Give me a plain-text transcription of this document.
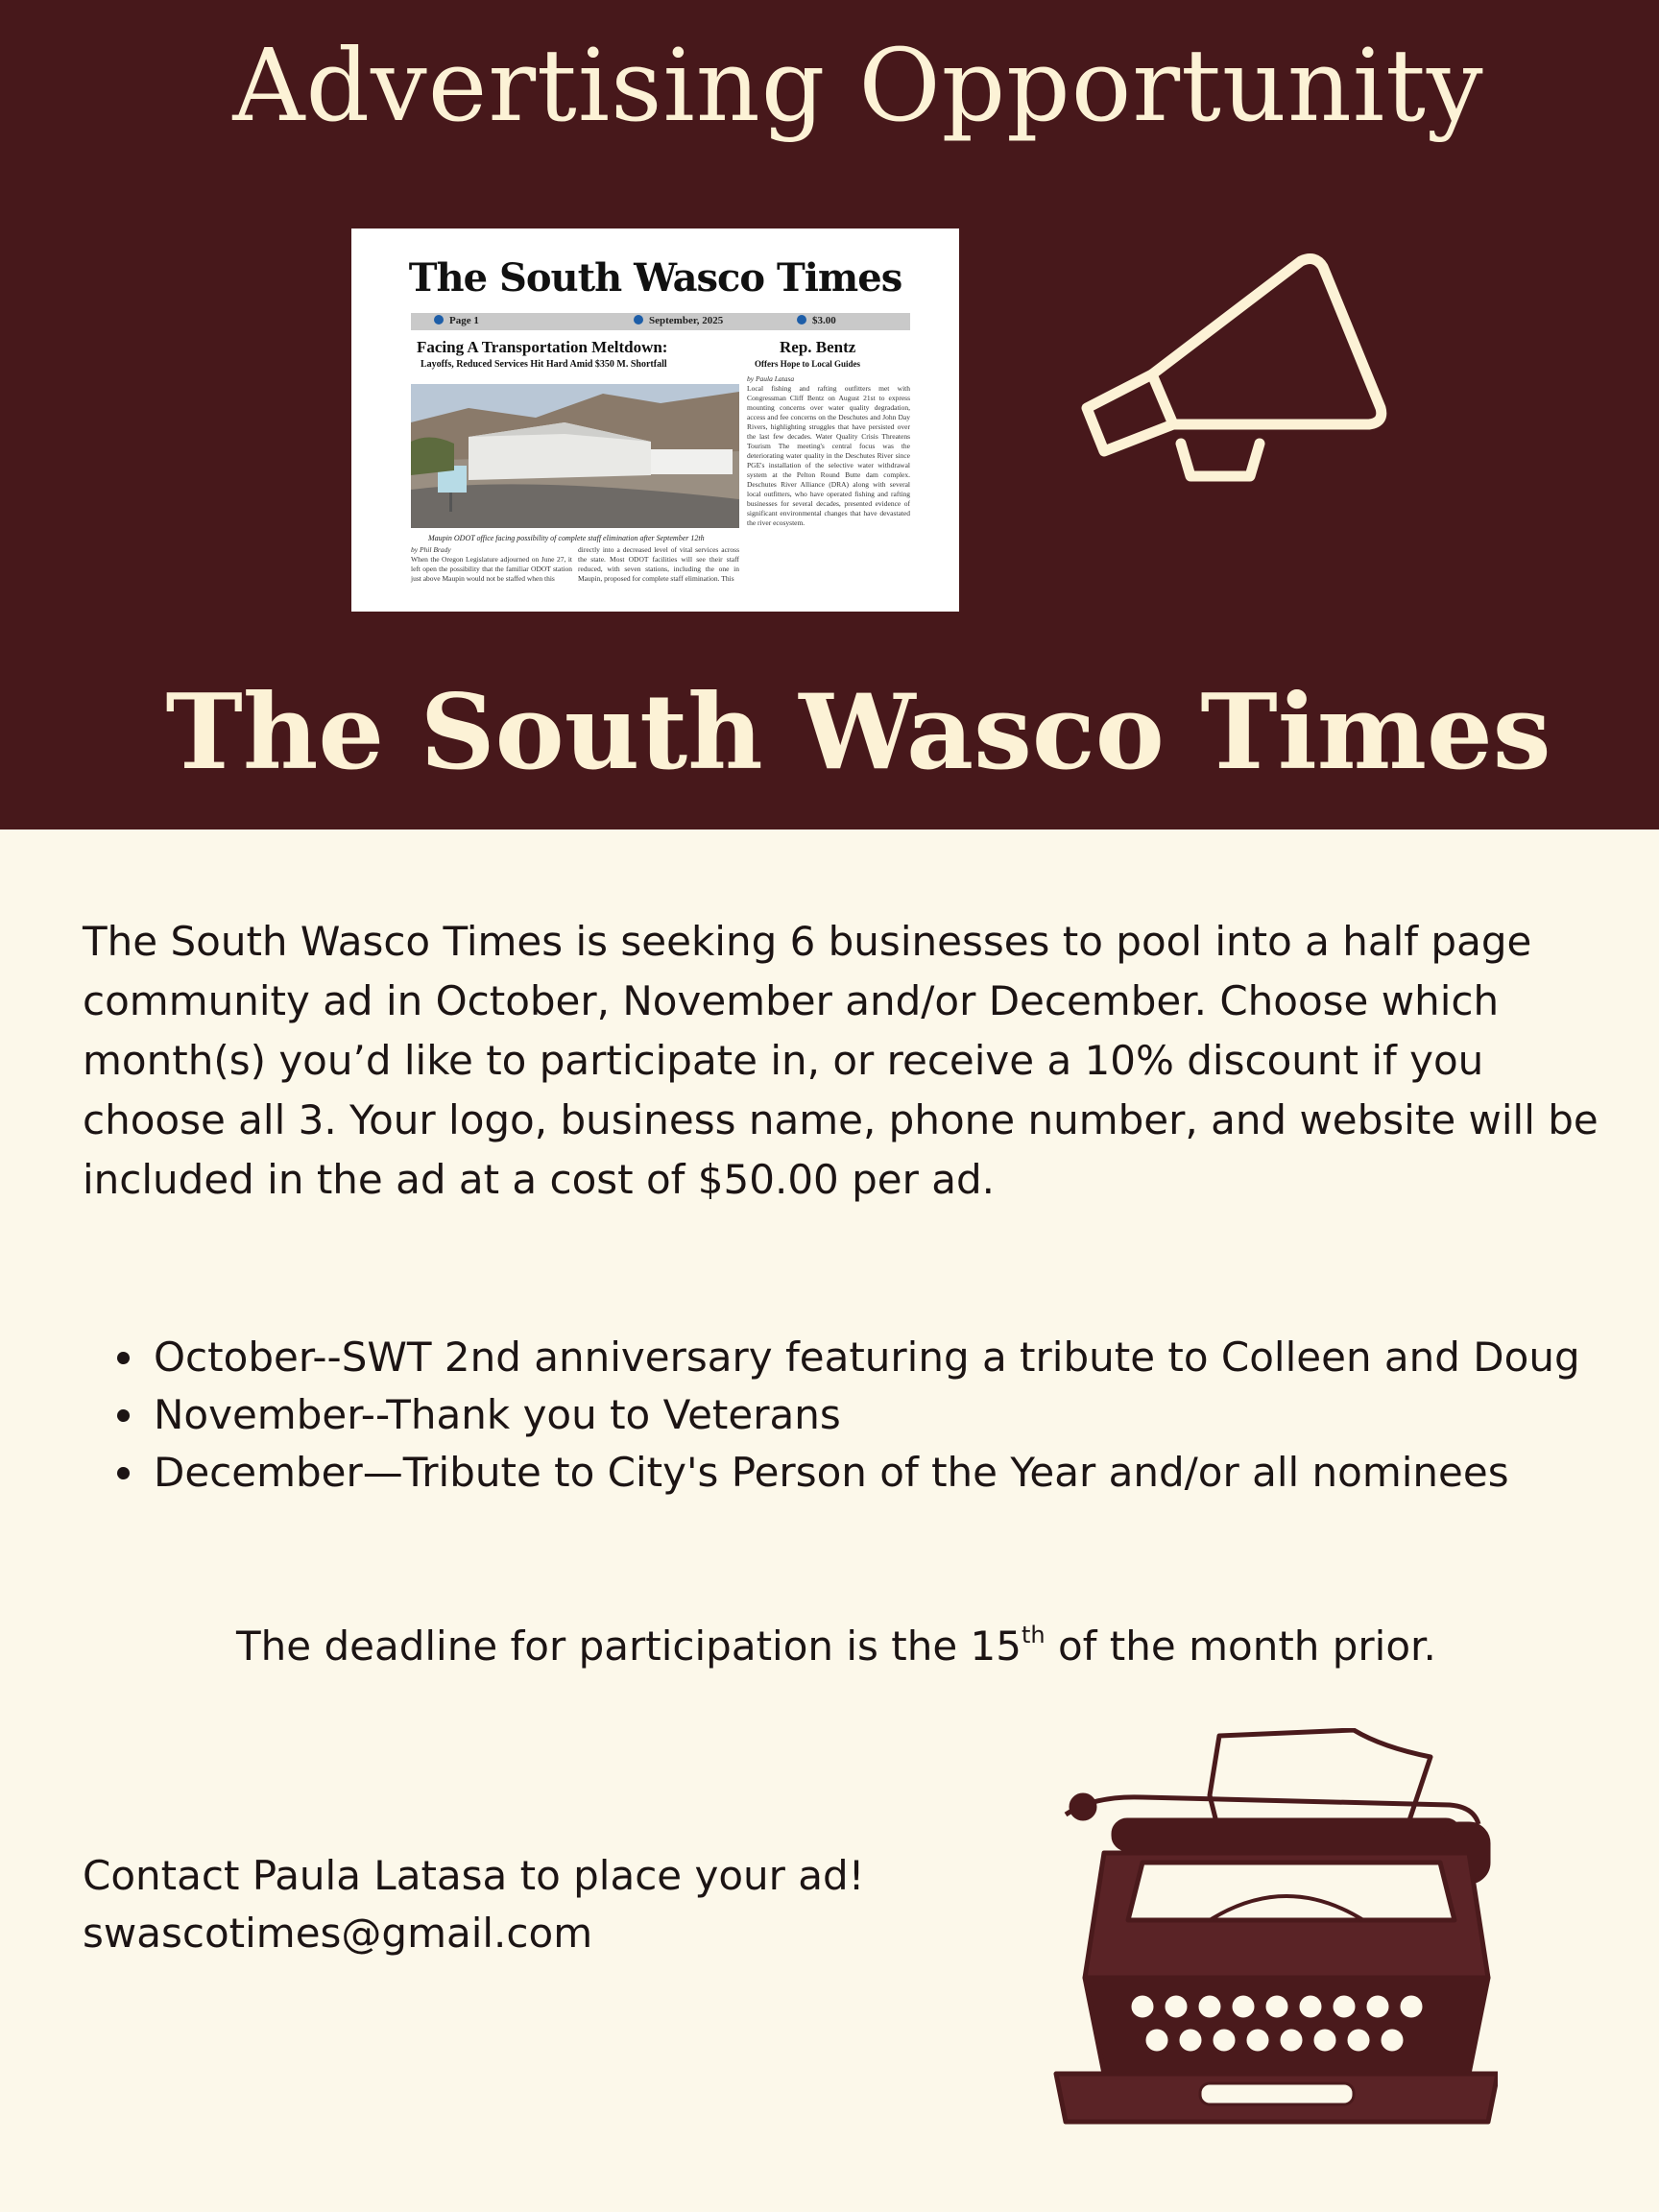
Advertising Opportunity
The South Wasco Times
Page 1	September, 2025	$3.00
Facing A Transportation Meltdown:
Layoffs, Reduced Services Hit Hard Amid $350 M. Shortfall
Rep. Bentz
Offers Hope to Local Guides
Maupin ODOT office facing possibility of complete staff elimination after September 12th
by Phil Brady
When the Oregon Legislature adjourned on June 27, it left open the possibility that the familiar ODOT station just above Maupin would not be staffed when this
directly into a decreased level of vital services across the state. Most ODOT facilities will see their staff reduced, with seven stations, including the one in Maupin, proposed for complete staff elimination. This
by Paula Latasa
Local fishing and rafting outfitters met with Congressman Cliff Bentz on August 21st to express mounting concerns over water quality degradation, access and fee concerns on the Deschutes and John Day Rivers, highlighting struggles that have persisted over the last few decades. Water Quality Crisis Threatens Tourism The meeting's central focus was the deteriorating water quality in the Deschutes River since PGE's installation of the selective water withdrawal system at the Pelton Round Butte dam complex. Deschutes River Alliance (DRA) along with several local outfitters, who have operated fishing and rafting businesses for several decades, presented evidence of significant environmental changes that have devastated the river ecosystem.
The South Wasco Times

The South Wasco Times is seeking 6 businesses to pool into a half page community ad in October, November and/or December. Choose which month(s) you’d like to participate in, or receive a 10% discount if you choose all 3. Your logo, business name, phone number, and website will be included in the ad at a cost of $50.00 per ad.

October--SWT 2nd anniversary featuring a tribute to Colleen and Doug
November--Thank you to Veterans
December—Tribute to City's Person of the Year and/or all nominees
The deadline for participation is the 15th of the month prior.
Contact Paula Latasa to place your ad!
swascotimes@gmail.com
